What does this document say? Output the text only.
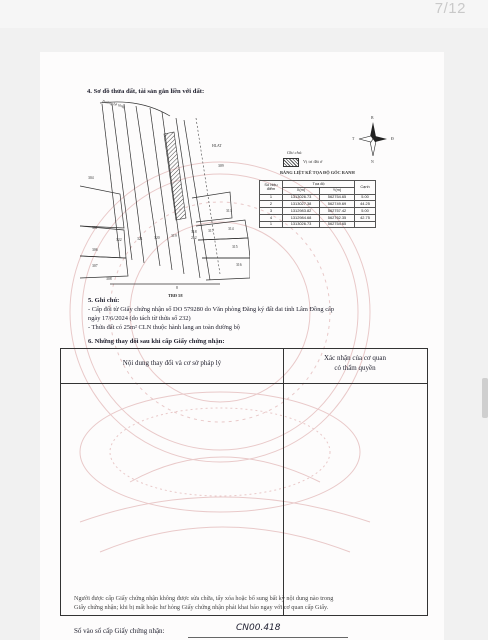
7/12
4. Sơ đồ thửa đất, tài sản gắn liền với đất:
Đường bê tông
HLAT
304
301
306
307
322	321	320	319
318
212
317
316
315
314
313
309
308
8
TBĐ 58
B
N
T	Đ
Ghi chú:
Vị trí đất ở
BẢNG LIỆT KÊ TỌA ĐỘ GÓC RANH
Số hiệu điểm	Tọa độ		Cạnh
	X(m)	Y(m)	
1	1313026.73	562754.65	5.00
2	1313027.38	562749.69	44.25
3	1312983.82	562757.42	5.00
4	1312984.68	562762.35	42.75
1	1313026.73	562754.65	
5. Ghi chú:
- Cấp đổi từ Giấy chứng nhận số DO 579280 do Văn phòng Đăng ký đất đai tỉnh Lâm Đồng cấp
ngày 17/6/2024 (do tách từ thửa số 232)
- Thửa đất có 25m² CLN thuộc hành lang an toàn đường bộ
6. Những thay đổi sau khi cấp Giấy chứng nhận:
Nội dung thay đổi và cơ sở pháp lý
Xác nhận của cơ quan
có thẩm quyền
Số vào sổ cấp Giấy chứng nhận:	CN00.418
Người được cấp Giấy chứng nhận không được sửa chữa, tẩy xóa hoặc bổ sung bất kỳ nội dung nào trong
Giấy chứng nhận; khi bị mất hoặc hư hỏng Giấy chứng nhận phải khai báo ngay với cơ quan cấp Giấy.
